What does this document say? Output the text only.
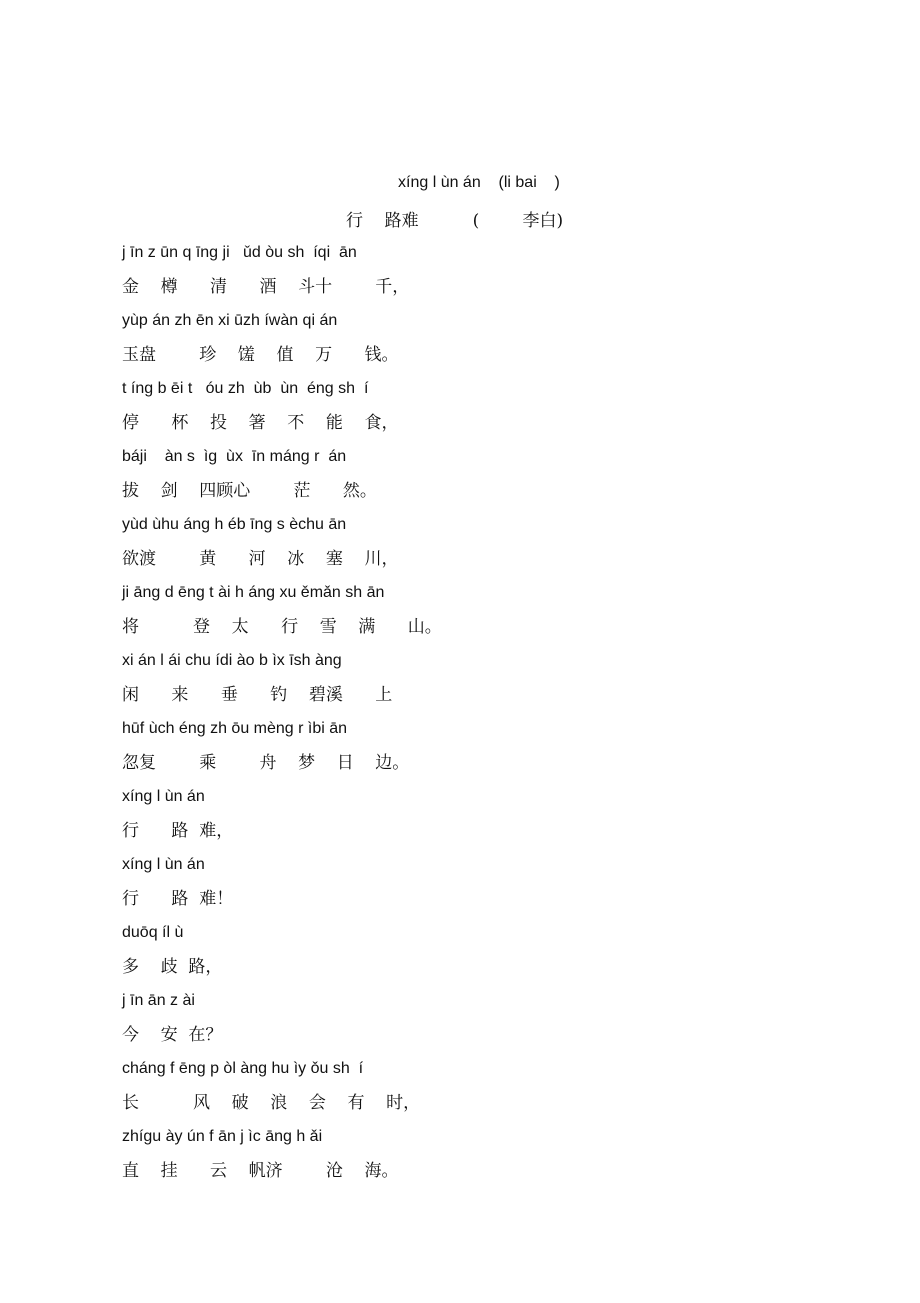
xíng l ùn án    (li bai    )
行    路难          (        李白)
j īn z ūn q īng ji   ǔd òu sh  íqi  ān
金    樽      清      酒    斗十        千，
yùp án zh ēn xi ūzh íwàn qi án
玉盘        珍    馐    值    万      钱。
t íng b ēi t   óu zh  ùb  ùn  éng sh  í
停      杯    投    箸    不    能    食，
báji    àn s  ìg  ùx  īn máng r  án
拔    剑    四顾心        茫      然。
yùd ùhu áng h éb īng s èchu ān
欲渡        黄      河    冰    塞    川，
ji āng d ēng t ài h áng xu ěmǎn sh ān
将          登    太      行    雪    满      山。
xi án l ái chu ídi ào b ìx īsh àng
闲      来      垂      钓    碧溪      上
hūf ùch éng zh ōu mèng r ìbi ān
忽复        乘        舟    梦    日    边。
xíng l ùn án
行      路  难，
xíng l ùn án
行      路  难！
duōq íl ù
多    歧  路，
j īn ān z ài
今    安  在？
cháng f ēng p òl àng hu ìy ǒu sh  í
长          风    破    浪    会    有    时，
zhígu ày ún f ān j ìc āng h ǎi
直    挂      云    帆济        沧    海。
